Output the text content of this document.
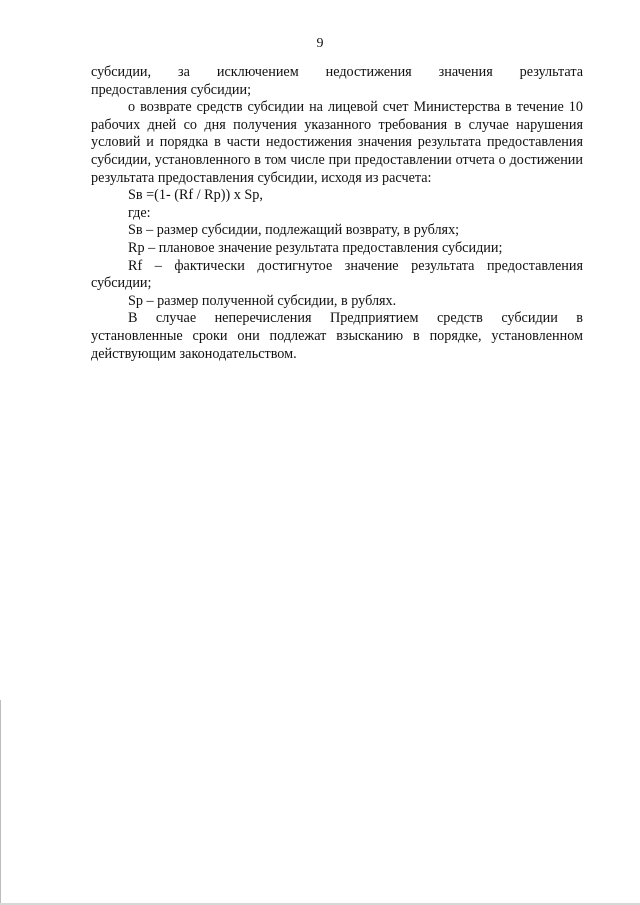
9

субсидии, за исключением недостижения значения результата

предоставления субсидии;

о возврате средств субсидии на лицевой счет Министерства в течение 10 рабочих дней со дня получения указанного требования в случае нарушения условий и порядка в части недостижения значения результата предоставления субсидии, установленного в том числе при предоставлении отчета о достижении результата предоставления субсидии, исходя из расчета:

Sв =(1- (Rf / Rp)) х Sp,

где:

Sв – размер субсидии, подлежащий возврату, в рублях;

Rp – плановое значение результата предоставления субсидии;

Rf – фактически достигнутое значение результата предоставления субсидии;

Sp – размер полученной субсидии, в рублях.

В случае неперечисления Предприятием средств субсидии в установленные сроки они подлежат взысканию в порядке, установленном действующим законодательством.
